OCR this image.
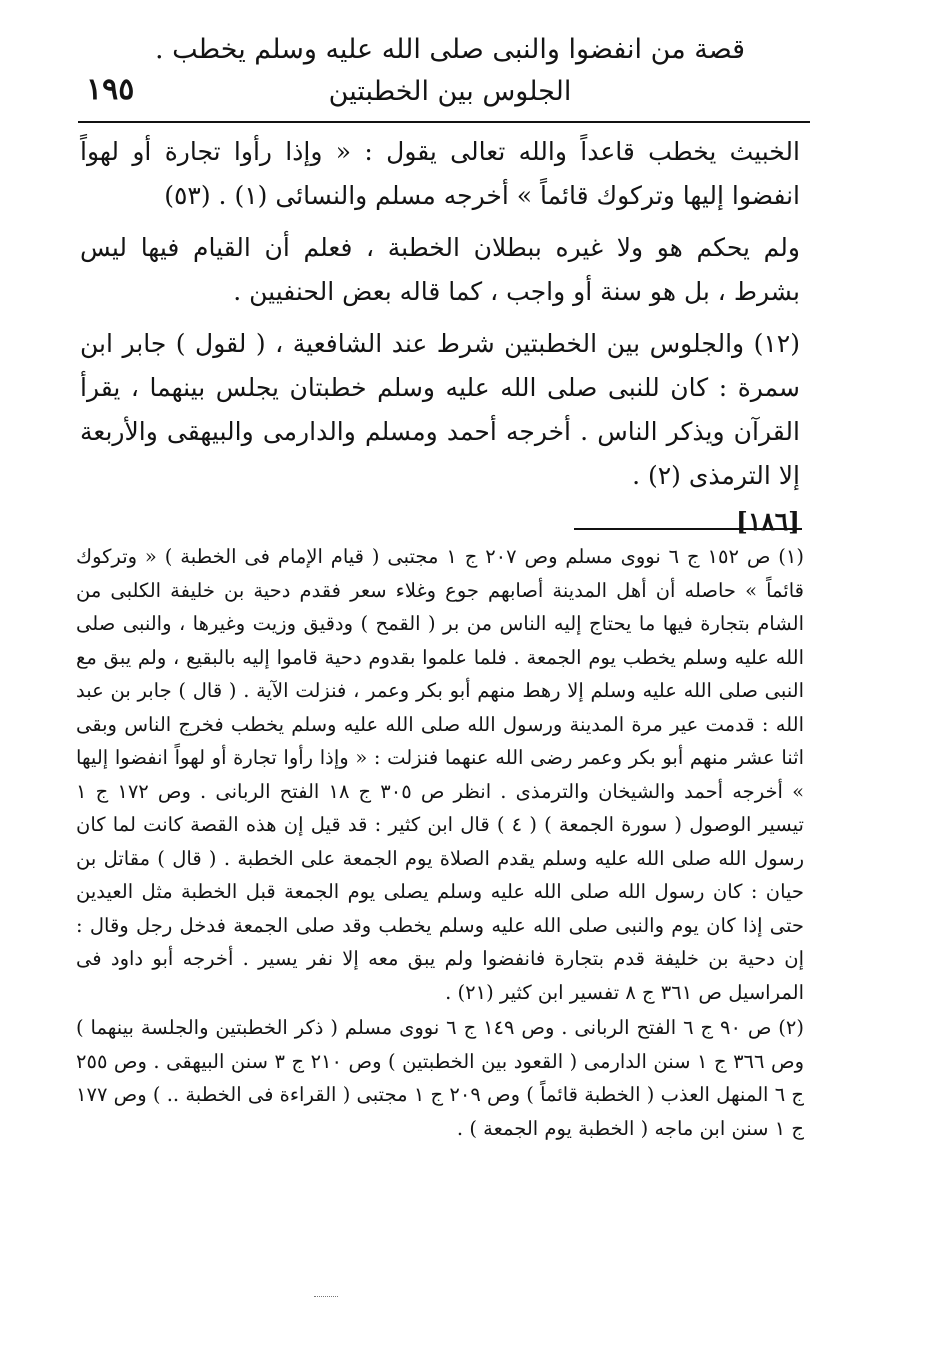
قصة من انفضوا والنبى صلى الله عليه وسلم يخطب .
الجلوس بين الخطبتين
١٩٥

الخبيث يخطب قاعداً والله تعالى يقول : « وإذا رأوا تجارة أو لهواً انفضوا إليها وتركوك قائماً » أخرجه مسلم والنسائى (١) . (٥٣)

ولم يحكم هو ولا غيره ببطلان الخطبة ، فعلم أن القيام فيها ليس بشرط ، بل هو سنة أو واجب ، كما قاله بعض الحنفيين .

(١٢) والجلوس بين الخطبتين شرط عند الشافعية ، ( لقول ) جابر ابن سمرة : كان للنبى صلى الله عليه وسلم خطبتان يجلس بينهما ، يقرأ القرآن ويذكر الناس . أخرجه أحمد ومسلم والدارمى والبيهقى والأربعة إلا الترمذى (٢) .

[١٨٦]

(١) ص ١٥٢ ج ٦ نووى مسلم وص ٢٠٧ ج ١ مجتبى ( قيام الإمام فى الخطبة ) « وتركوك قائماً » حاصله أن أهل المدينة أصابهم جوع وغلاء سعر فقدم دحية بن خليفة الكلبى من الشام بتجارة فيها ما يحتاج إليه الناس من بر ( القمح ) ودقيق وزيت وغيرها ، والنبى صلى الله عليه وسلم يخطب يوم الجمعة . فلما علموا بقدوم دحية قاموا إليه بالبقيع ، ولم يبق مع النبى صلى الله عليه وسلم إلا رهط منهم أبو بكر وعمر ، فنزلت الآية . ( قال ) جابر بن عبد الله : قدمت عير مرة المدينة ورسول الله صلى الله عليه وسلم يخطب فخرج الناس وبقى اثنا عشر منهم أبو بكر وعمر رضى الله عنهما فنزلت : « وإذا رأوا تجارة أو لهواً انفضوا إليها » أخرجه أحمد والشيخان والترمذى . انظر ص ٣٠٥ ج ١٨ الفتح الربانى . وص ١٧٢ ج ١ تيسير الوصول ( سورة الجمعة ) ( ٤ ) قال ابن كثير : قد قيل إن هذه القصة كانت لما كان رسول الله صلى الله عليه وسلم يقدم الصلاة يوم الجمعة على الخطبة . ( قال ) مقاتل بن حيان : كان رسول الله صلى الله عليه وسلم يصلى يوم الجمعة قبل الخطبة مثل العيدين حتى إذا كان يوم والنبى صلى الله عليه وسلم يخطب وقد صلى الجمعة فدخل رجل وقال : إن دحية بن خليفة قدم بتجارة فانفضوا ولم يبق معه إلا نفر يسير . أخرجه أبو داود فى المراسيل ص ٣٦١ ج ٨ تفسير ابن كثير (٢١) .

(٢) ص ٩٠ ج ٦ الفتح الربانى . وص ١٤٩ ج ٦ نووى مسلم ( ذكر الخطبتين والجلسة بينهما ) وص ٣٦٦ ج ١ سنن الدارمى ( القعود بين الخطبتين ) وص ٢١٠ ج ٣ سنن البيهقى . وص ٢٥٥ ج ٦ المنهل العذب ( الخطبة قائماً ) وص ٢٠٩ ج ١ مجتبى ( القراءة فى الخطبة .. ) وص ١٧٧ ج ١ سنن ابن ماجه ( الخطبة يوم الجمعة ) .
